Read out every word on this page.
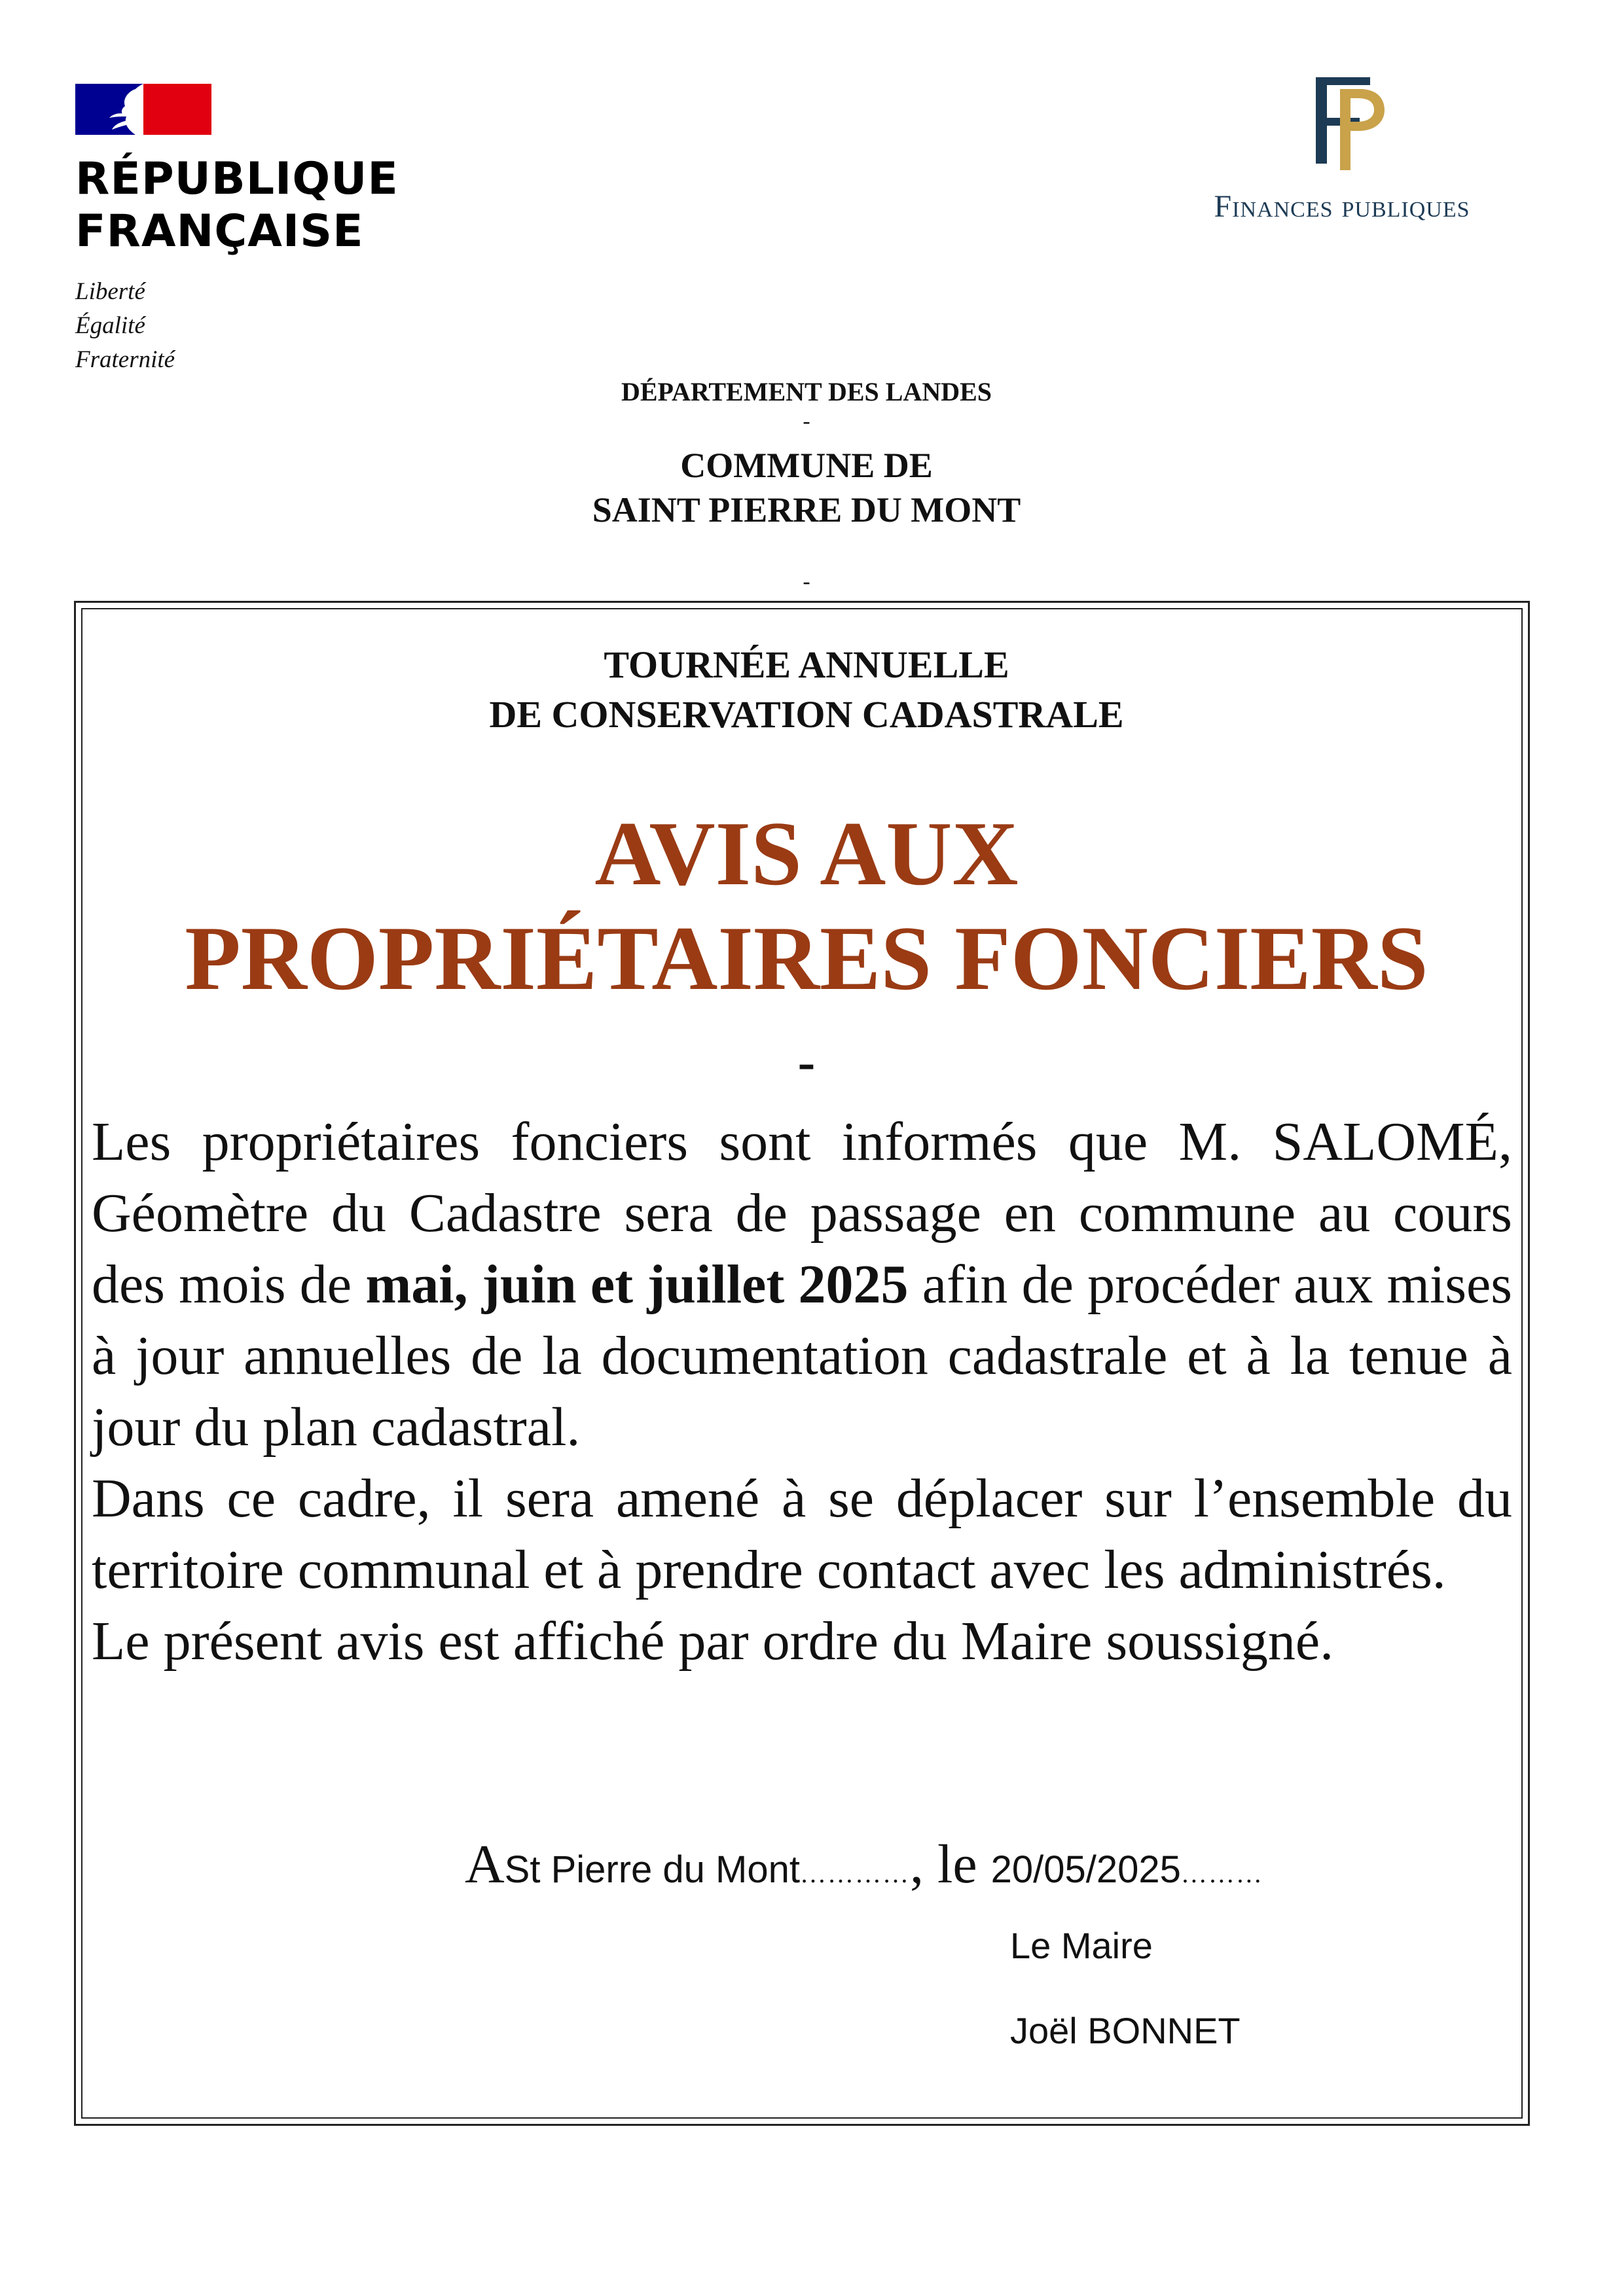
RÉPUBLIQUE
FRANÇAISE
Liberté
Égalité
Fraternité
Finances publiques
DÉPARTEMENT DES LANDES
-
COMMUNE DE
SAINT PIERRE DU MONT
-
TOURNÉE ANNUELLE
DE CONSERVATION CADASTRALE
AVIS AUX
PROPRIÉTAIRES FONCIERS
-

Les propriétaires fonciers sont informés que M. SALOMÉ, Géomètre du Cadastre sera de passage en commune au cours des mois de mai, juin et juillet 2025 afin de procéder aux mises à jour annuelles de la documentation cadastrale et à la tenue à jour du plan cadastral.

Dans ce cadre, il sera amené à se déplacer sur l’ensemble du territoire communal et à prendre contact avec les administrés.

Le présent avis est affiché par ordre du Maire soussigné.

ASt Pierre du Mont…………, le 20/05/2025………
Le Maire
Joël BONNET
